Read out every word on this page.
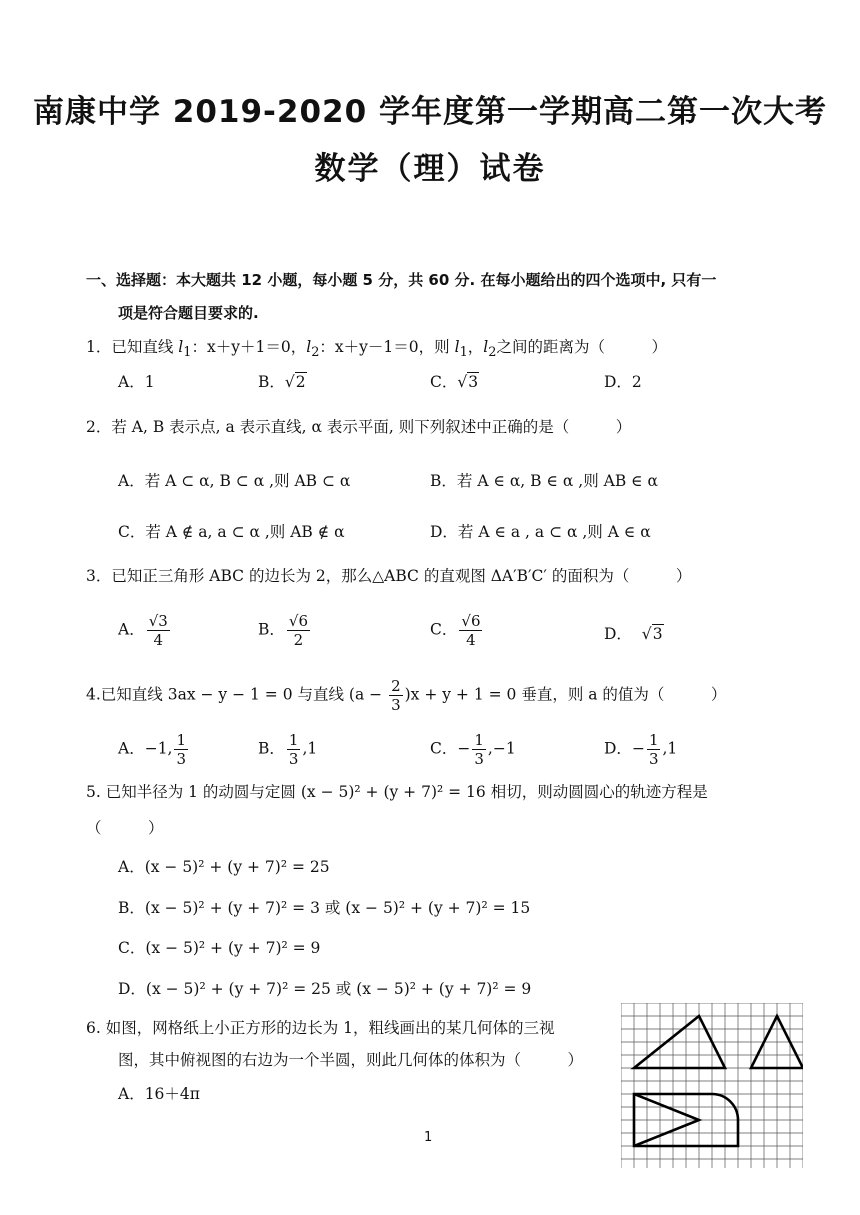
南康中学 2019-2020 学年度第一学期高二第一次大考
数学（理）试卷
一、选择题：本大题共 12 小题，每小题 5 分，共 60 分. 在每小题给出的四个选项中, 只有一
项是符合题目要求的.
1．已知直线 $l_1$：x＋y＋1＝0，$l_2$：x＋y－1＝0，则 $l_1$，$l_2$之间的距离为（　　　）
A．1	B．√2	C．√3	D．2
2．若 A, B 表示点, a 表示直线, α 表示平面, 则下列叙述中正确的是（　　　）
A．若 A ⊂ α, B ⊂ α ,则 AB ⊂ α	B．若 A ∈ α, B ∈ α ,则 AB ∈ α
C．若 A ∉ a, a ⊂ α ,则 AB ∉ α	D．若 A ∈ a , a ⊂ α ,则 A ∈ α
3．已知正三角形 ABC 的边长为 2，那么△ABC 的直观图 ΔA′B′C′ 的面积为（　　　）
A． $\frac{√3}{4}$	B． $\frac{√6}{2}$	C． $\frac{√6}{4}$	D． √3
4.已知直线 3ax − y − 1 = 0 与直线 $(a - \frac{2}{3} )x + y + 1 = 0$ 垂直，则 a 的值为（　　　）
A．−1, $\frac{1}{3}$	B． $\frac{1}{3} ,1$	C．− $\frac{1}{3} ,-1$	D．− $\frac{1}{3} ,1$
5. 已知半径为 1 的动圆与定圆 (x − 5)² + (y + 7)² = 16 相切，则动圆圆心的轨迹方程是
（　　　）
A．(x − 5)² + (y + 7)² = 25
B．(x − 5)² + (y + 7)² = 3 或 (x − 5)² + (y + 7)² = 15
C．(x − 5)² + (y + 7)² = 9
D．(x − 5)² + (y + 7)² = 25 或 (x − 5)² + (y + 7)² = 9
6. 如图，网格纸上小正方形的边长为 1，粗线画出的某几何体的三视
图，其中俯视图的右边为一个半圆，则此几何体的体积为（　　　）
A．16＋4π
1
